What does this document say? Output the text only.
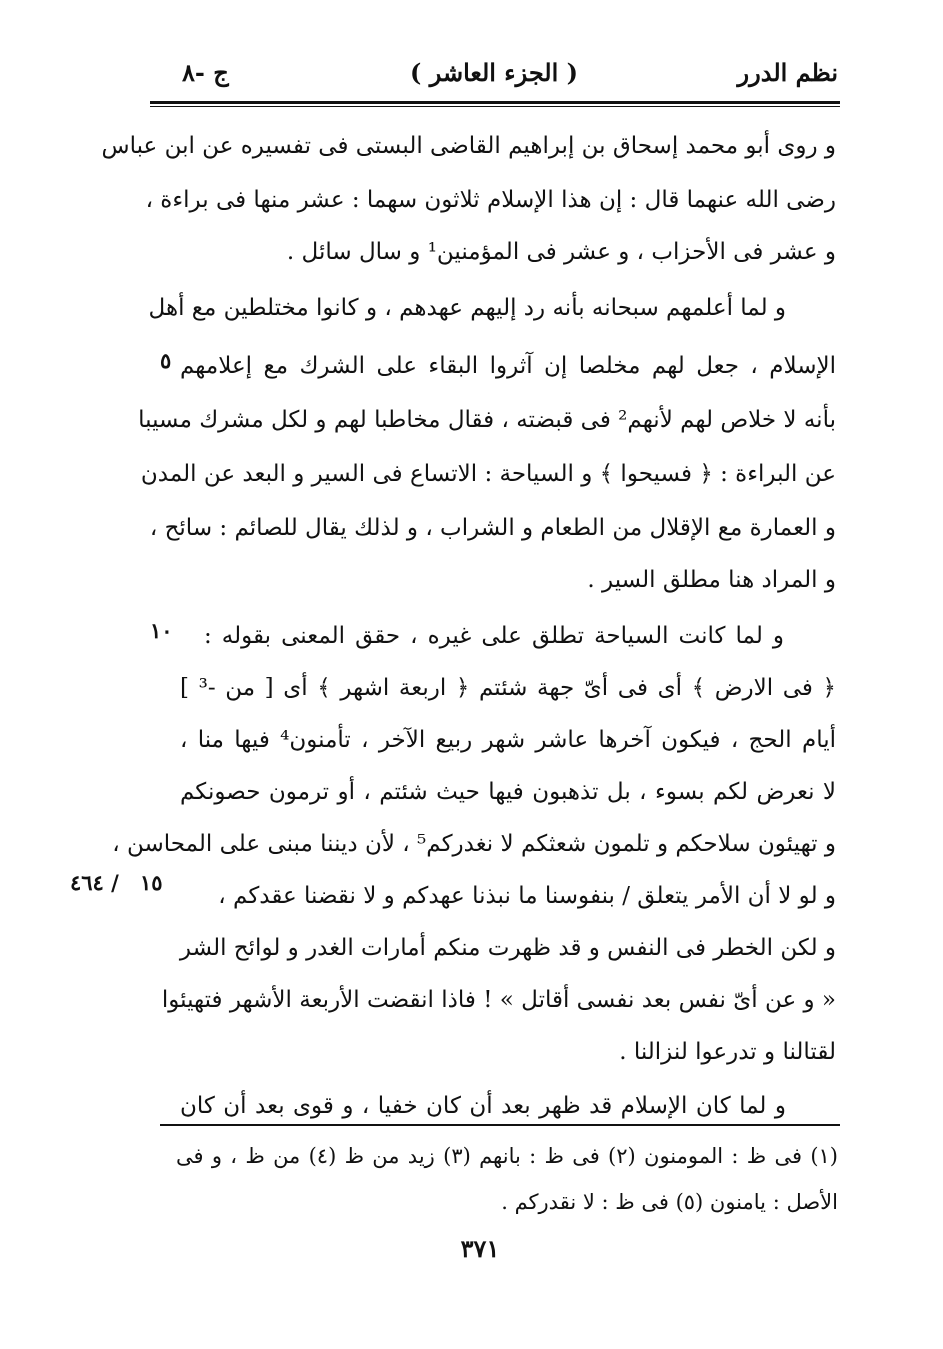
نظم الدرر
( الجزء العاشر )
ج -٨
و روى أبو محمد إسحاق بن إبراهيم القاضى البستى فى تفسيره عن ابن عباس
رضى الله عنهما قال : إن هذا الإسلام ثلاثون سهما : عشر منها فى براءة ،
و عشر فى الأحزاب ، و عشر فى المؤمنين¹ و سال سائل .
و لما أعلمهم سبحانه بأنه رد إليهم عهدهم ، و كانوا مختلطين مع أهل
الإسلام ، جعل لهم مخلصا إن آثروا البقاء على الشرك مع إعلامهم
بأنه لا خلاص لهم لأنهم² فى قبضته ، فقال مخاطبا لهم و لكل مشرك مسيبا
عن البراءة : ﴿ فسيحوا ﴾ و السياحة : الاتساع فى السير و البعد عن المدن
و العمارة مع الإقلال من الطعام و الشراب ، و لذلك يقال للصائم : سائح ،
و المراد هنا مطلق السير .
و لما كانت السياحة تطلق على غيره ، حقق المعنى بقوله :
﴿ فى الارض ﴾ أى فى أىّ جهة شئتم ﴿ اربعة اشهر ﴾ أى [ من -³ ]
أيام الحج ، فيكون آخرها عاشر شهر ربيع الآخر ، تأمنون⁴ فيها منا ،
لا نعرض لكم بسوء ، بل تذهبون فيها حيث شئتم ، أو ترمون حصونكم
و تهيئون سلاحكم و تلمون شعثكم لا نغدركم⁵ ، لأن ديننا مبنى على المحاسن ،
و لو لا أن الأمر يتعلق / بنفوسنا ما نبذنا عهدكم و لا نقضنا عقدكم ،
و لكن الخطر فى النفس و قد ظهرت منكم أمارات الغدر و لوائح الشر
« و عن أىّ نفس بعد نفسى أقاتل » ! فاذا انقضت الأربعة الأشهر فتهيئوا
لقتالنا و تدرعوا لنزالنا .
و لما كان الإسلام قد ظهر بعد أن كان خفيا ، و قوى بعد أن كان
٥
١٠
١٥
/ ٤٦٤
(١) فى ظ : المومنون (٢) فى ظ : بانهم (٣) زيد من ظ (٤) من ظ ، و فى
الأصل : يامنون (٥) فى ظ : لا نقدركم .
٣٧١
